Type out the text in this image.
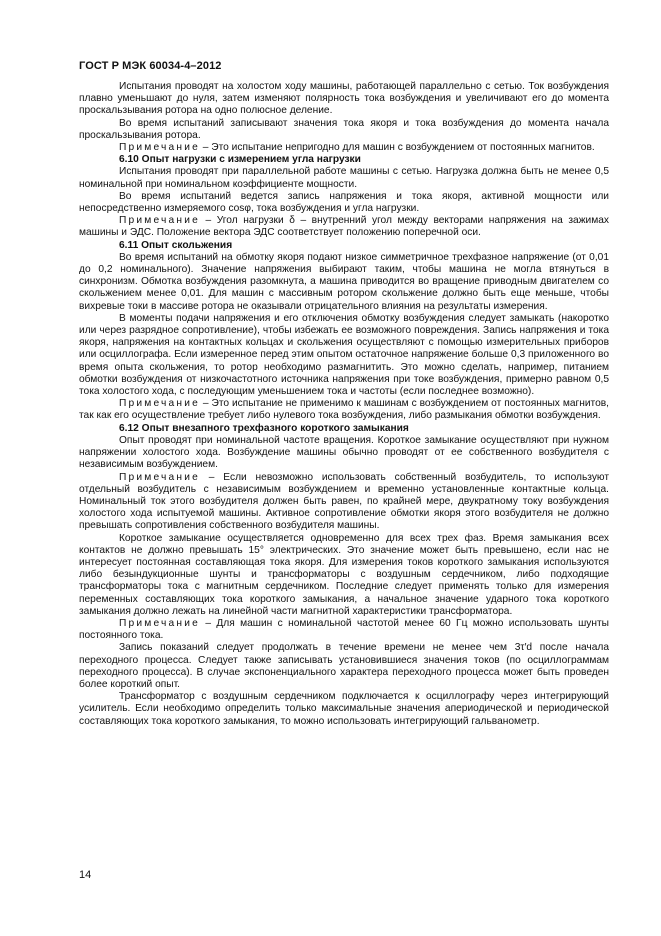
ГОСТ Р МЭК 60034-4–2012

Испытания проводят на холостом ходу машины, работающей параллельно с сетью. Ток возбуждения плавно уменьшают до нуля, затем изменяют полярность тока возбуждения и увеличивают его до момента проскальзывания ротора на одно полюсное деление.

Во время испытаний записывают значения тока якоря и тока возбуждения до момента начала проскальзывания ротора.

Примечание – Это испытание непригодно для машин с возбуждением от постоянных магнитов.

6.10 Опыт нагрузки с измерением угла нагрузки

Испытания проводят при параллельной работе машины с сетью. Нагрузка должна быть не менее 0,5 номинальной при номинальном коэффициенте мощности.

Во время испытаний ведется запись напряжения и тока якоря, активной мощности или непосредственно измеряемого cosφ, тока возбуждения и угла нагрузки.

Примечание – Угол нагрузки δ – внутренний угол между векторами напряжения на зажимах машины и ЭДС. Положение вектора ЭДС соответствует положению поперечной оси.

6.11 Опыт скольжения

Во время испытаний на обмотку якоря подают низкое симметричное трехфазное напряжение (от 0,01 до 0,2 номинального). Значение напряжения выбирают таким, чтобы машина не могла втянуться в синхронизм. Обмотка возбуждения разомкнута, а машина приводится во вращение приводным двигателем со скольжением менее 0,01. Для машин с массивным ротором скольжение должно быть еще меньше, чтобы вихревые токи в массиве ротора не оказывали отрицательного влияния на результаты измерения.

В моменты подачи напряжения и его отключения обмотку возбуждения следует замыкать (накоротко или через разрядное сопротивление), чтобы избежать ее возможного повреждения. Запись напряжения и тока якоря, напряжения на контактных кольцах и скольжения осуществляют с помощью измерительных приборов или осциллографа. Если измеренное перед этим опытом остаточное напряжение больше 0,3 приложенного во время опыта скольжения, то ротор необходимо размагнитить. Это можно сделать, например, питанием обмотки возбуждения от низкочастотного источника напряжения при токе возбуждения, примерно равном 0,5 тока холостого хода, с последующим уменьшением тока и частоты (если последнее возможно).

Примечание – Это испытание не применимо к машинам с возбуждением от постоянных магнитов, так как его осуществление требует либо нулевого тока возбуждения, либо размыкания обмотки возбуждения.

6.12 Опыт внезапного трехфазного короткого замыкания

Опыт проводят при номинальной частоте вращения. Короткое замыкание осуществляют при нужном напряжении холостого хода. Возбуждение машины обычно проводят от ее собственного возбудителя с независимым возбуждением.

Примечание – Если невозможно использовать собственный возбудитель, то используют отдельный возбудитель с независимым возбуждением и временно установленные контактные кольца. Номинальный ток этого возбудителя должен быть равен, по крайней мере, двукратному току возбуждения холостого хода испытуемой машины. Активное сопротивление обмотки якоря этого возбудителя не должно превышать сопротивления собственного возбудителя машины.

Короткое замыкание осуществляется одновременно для всех трех фаз. Время замыкания всех контактов не должно превышать 15° электрических. Это значение может быть превышено, если нас не интересует постоянная составляющая тока якоря. Для измерения токов короткого замыкания используются либо безындукционные шунты и трансформаторы с воздушным сердечником, либо подходящие трансформаторы тока с магнитным сердечником. Последние следует применять только для измерения переменных составляющих тока короткого замыкания, а начальное значение ударного тока короткого замыкания должно лежать на линейной части магнитной характеристики трансформатора.

Примечание – Для машин с номинальной частотой менее 60 Гц можно использовать шунты постоянного тока.

Запись показаний следует продолжать в течение времени не менее чем 3τ′d после начала переходного процесса. Следует также записывать установившиеся значения токов (по осциллограммам переходного процесса). В случае экспоненциального характера переходного процесса может быть проведен более короткий опыт.

Трансформатор с воздушным сердечником подключается к осциллографу через интегрирующий усилитель. Если необходимо определить только максимальные значения апериодической и периодической составляющих тока короткого замыкания, то можно использовать интегрирующий гальванометр.

14
